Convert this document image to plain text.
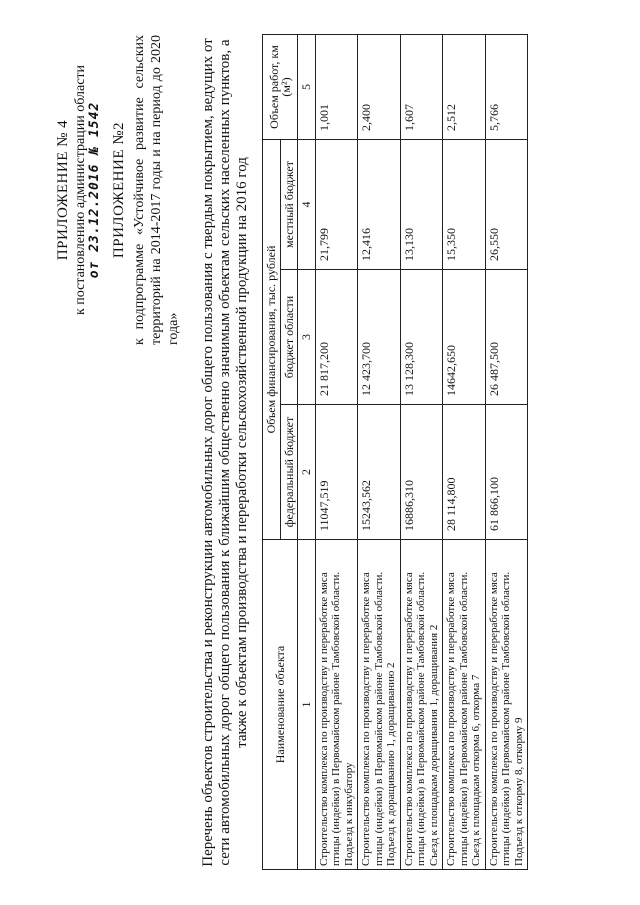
ПРИЛОЖЕНИЕ № 4 к постановлению администрации области от 23.12.2016 № 1542 ПРИЛОЖЕНИЕ №2 к подпрограмме «Устойчивое развитие сельских территорий на 2014-2017 годы и на период до 2020 года» Перечень объектов строительства и реконструкции автомобильных дорог общего пользования с твердым покрытием, ведущих от сети автомобильных дорог общего пользования к ближайшим общественно значимым объектам сельских населенных пунктов, а также к объектам производства и переработки сельскохозяйственной продукции на 2016 год Наименование объекта	Объем финансирования, тыс. рублей			Объем работ, км (м²)
	федеральный бюджет	бюджет области	местный бюджет	
1	2	3	4	5
Строительство комплекса по производству и переработке мяса птицы (индейки) в Первомайском районе Тамбовской области. Подъезд к инкубатору	11047,519	21 817,200	21,799	1,001
Строительство комплекса по производству и переработке мяса птицы (индейки) в Первомайском районе Тамбовской области. Подъезд к доращиванию 1, доращиванию 2	15243,562	12 423,700	12,416	2,400
Строительство комплекса по производству и переработке мяса птицы (индейки) в Первомайском районе Тамбовской области. Съезд к площадкам доращивания 1, доращивания 2	16886,310	13 128,300	13,130	1,607
Строительство комплекса по производству и переработке мяса птицы (индейки) в Первомайском районе Тамбовской области. Съезд к площадкам откорма 6, откорма 7	28 114,800	14642,650	15,350	2,512
Строительство комплекса по производству и переработке мяса птицы (индейки) в Первомайском районе Тамбовской области. Подъезд к откорму 8, откорму 9	61 866,100	26 487,500	26,550	5,766
